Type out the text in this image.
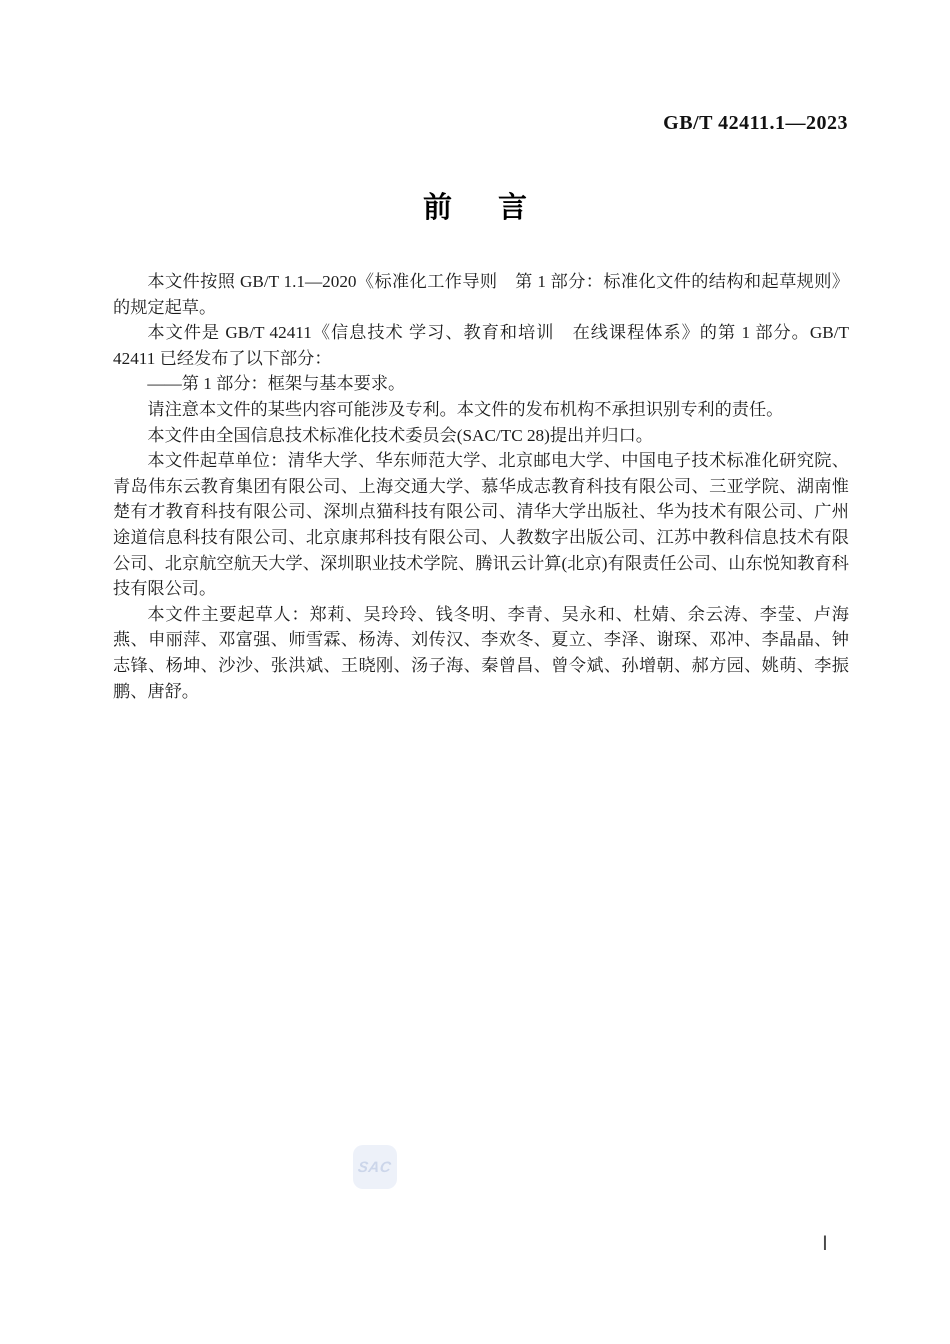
GB/T 42411.1—2023
前 言

本文件按照 GB/T 1.1—2020《标准化工作导则　第 1 部分：标准化文件的结构和起草规则》的规定起草。

本文件是 GB/T 42411《信息技术 学习、教育和培训　在线课程体系》的第 1 部分。GB/T 42411 已经发布了以下部分：

——第 1 部分：框架与基本要求。

请注意本文件的某些内容可能涉及专利。本文件的发布机构不承担识别专利的责任。

本文件由全国信息技术标准化技术委员会(SAC/TC 28)提出并归口。

本文件起草单位：清华大学、华东师范大学、北京邮电大学、中国电子技术标准化研究院、青岛伟东云教育集团有限公司、上海交通大学、慕华成志教育科技有限公司、三亚学院、湖南惟楚有才教育科技有限公司、深圳点猫科技有限公司、清华大学出版社、华为技术有限公司、广州途道信息科技有限公司、北京康邦科技有限公司、人教数字出版公司、江苏中教科信息技术有限公司、北京航空航天大学、深圳职业技术学院、腾讯云计算(北京)有限责任公司、山东悦知教育科技有限公司。

本文件主要起草人：郑莉、吴玲玲、钱冬明、李青、吴永和、杜婧、余云涛、李莹、卢海燕、申丽萍、邓富强、师雪霖、杨涛、刘传汉、李欢冬、夏立、李泽、谢琛、邓冲、李晶晶、钟志锋、杨坤、沙沙、张洪斌、王晓刚、汤子海、秦曾昌、曾令斌、孙增朝、郝方园、姚萌、李振鹏、唐舒。

SAC
Ⅰ
